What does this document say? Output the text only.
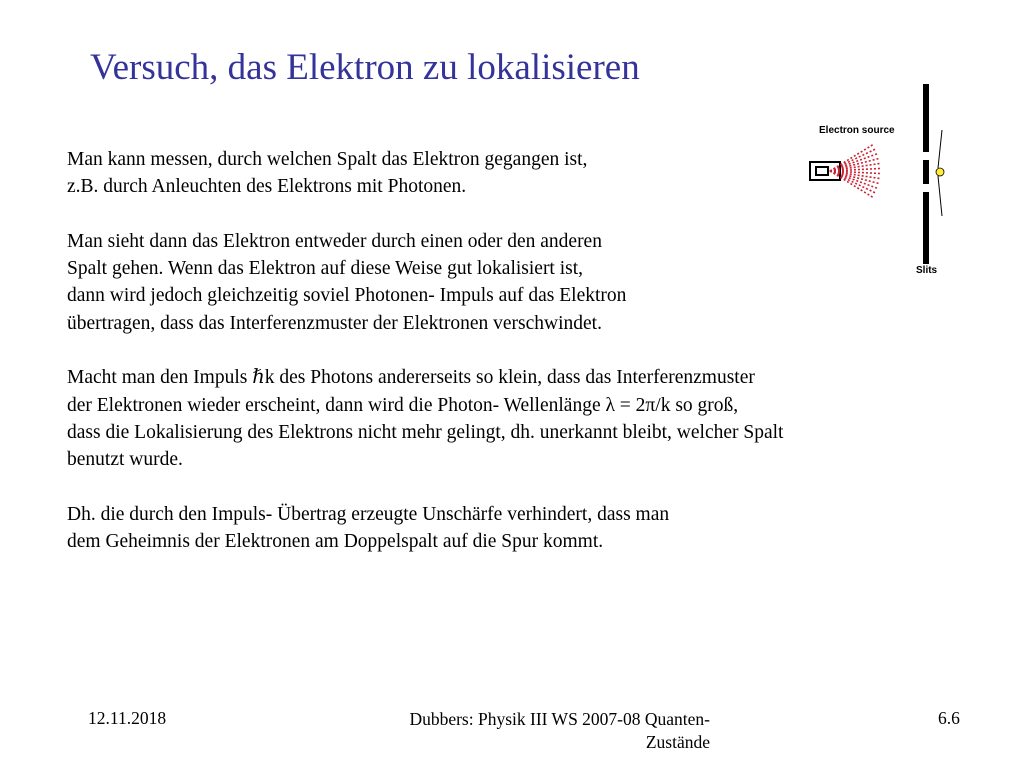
Versuch, das Elektron zu lokalisieren
Man kann messen, durch welchen Spalt das Elektron gegangen ist,
z.B. durch Anleuchten des Elektrons mit Photonen.
Man sieht dann das Elektron entweder durch einen oder den anderen
Spalt gehen. Wenn das Elektron auf diese Weise gut lokalisiert ist,
dann wird jedoch gleichzeitig soviel Photonen- Impuls auf das Elektron
übertragen, dass das Interferenzmuster der Elektronen verschwindet.
Macht man den Impuls ℏk des Photons andererseits so klein, dass das Interferenzmuster
der Elektronen wieder erscheint, dann wird die Photon- Wellenlänge λ = 2π/k so groß,
dass die Lokalisierung des Elektrons nicht mehr gelingt, dh. unerkannt bleibt, welcher Spalt
benutzt wurde.
Dh. die durch den Impuls- Übertrag erzeugte Unschärfe verhindert, dass man
dem Geheimnis der Elektronen am Doppelspalt auf die Spur kommt.
Electron source
Slits
12.11.2018	Dubbers: Physik III WS 2007-08 Quanten-
Zustände
6.6
